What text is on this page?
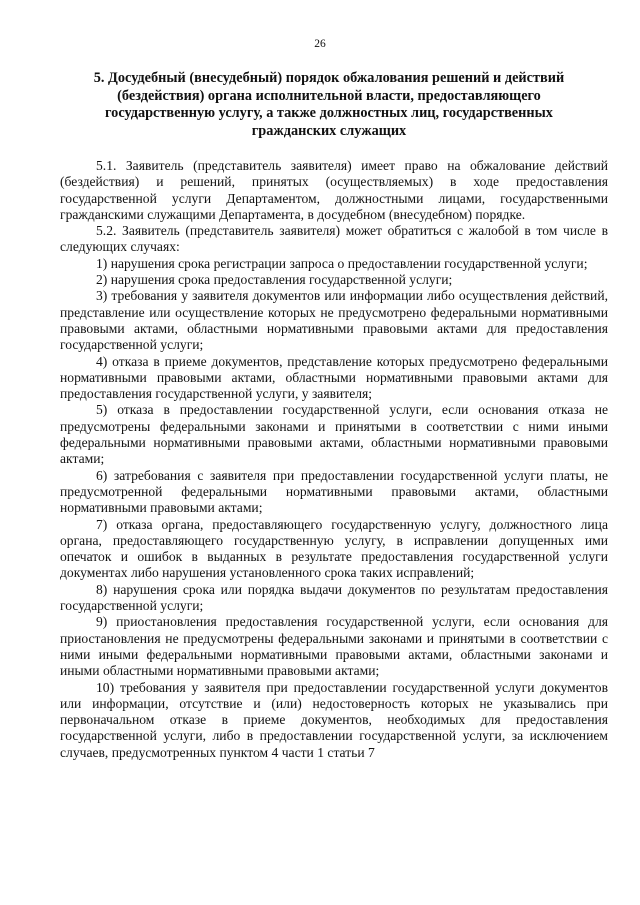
26
5. Досудебный (внесудебный) порядок обжалования решений и действий (бездействия) органа исполнительной власти, предоставляющего государственную услугу, а также должностных лиц, государственных гражданских служащих

5.1. Заявитель (представитель заявителя) имеет право на обжалование действий (бездействия) и решений, принятых (осуществляемых) в ходе предоставления государственной услуги Департаментом, должностными лицами, государственными гражданскими служащими Департамента, в досудебном (внесудебном) порядке.

5.2. Заявитель (представитель заявителя) может обратиться с жалобой в том числе в следующих случаях:

1) нарушения срока регистрации запроса о предоставлении государственной услуги;

2) нарушения срока предоставления государственной услуги;

3) требования у заявителя документов или информации либо осуществления действий, представление или осуществление которых не предусмотрено федеральными нормативными правовыми актами, областными нормативными правовыми актами для предоставления государственной услуги;

4) отказа в приеме документов, представление которых предусмотрено федеральными нормативными правовыми актами, областными нормативными правовыми актами для предоставления государственной услуги, у заявителя;

5) отказа в предоставлении государственной услуги, если основания отказа не предусмотрены федеральными законами и принятыми в соответствии с ними иными федеральными нормативными правовыми актами, областными нормативными правовыми актами;

6) затребования с заявителя при предоставлении государственной услуги платы, не предусмотренной федеральными нормативными правовыми актами, областными нормативными правовыми актами;

7) отказа органа, предоставляющего государственную услугу, должностного лица органа, предоставляющего государственную услугу, в исправлении допущенных ими опечаток и ошибок в выданных в результате предоставления государственной услуги документах либо нарушения установленного срока таких исправлений;

8) нарушения срока или порядка выдачи документов по результатам предоставления государственной услуги;

9) приостановления предоставления государственной услуги, если основания для приостановления не предусмотрены федеральными законами и принятыми в соответствии с ними иными федеральными нормативными правовыми актами, областными законами и иными областными нормативными правовыми актами;

10) требования у заявителя при предоставлении государственной услуги документов или информации, отсутствие и (или) недостоверность которых не указывались при первоначальном отказе в приеме документов, необходимых для предоставления государственной услуги, либо в предоставлении государственной услуги, за исключением случаев, предусмотренных пунктом 4 части 1 статьи 7
